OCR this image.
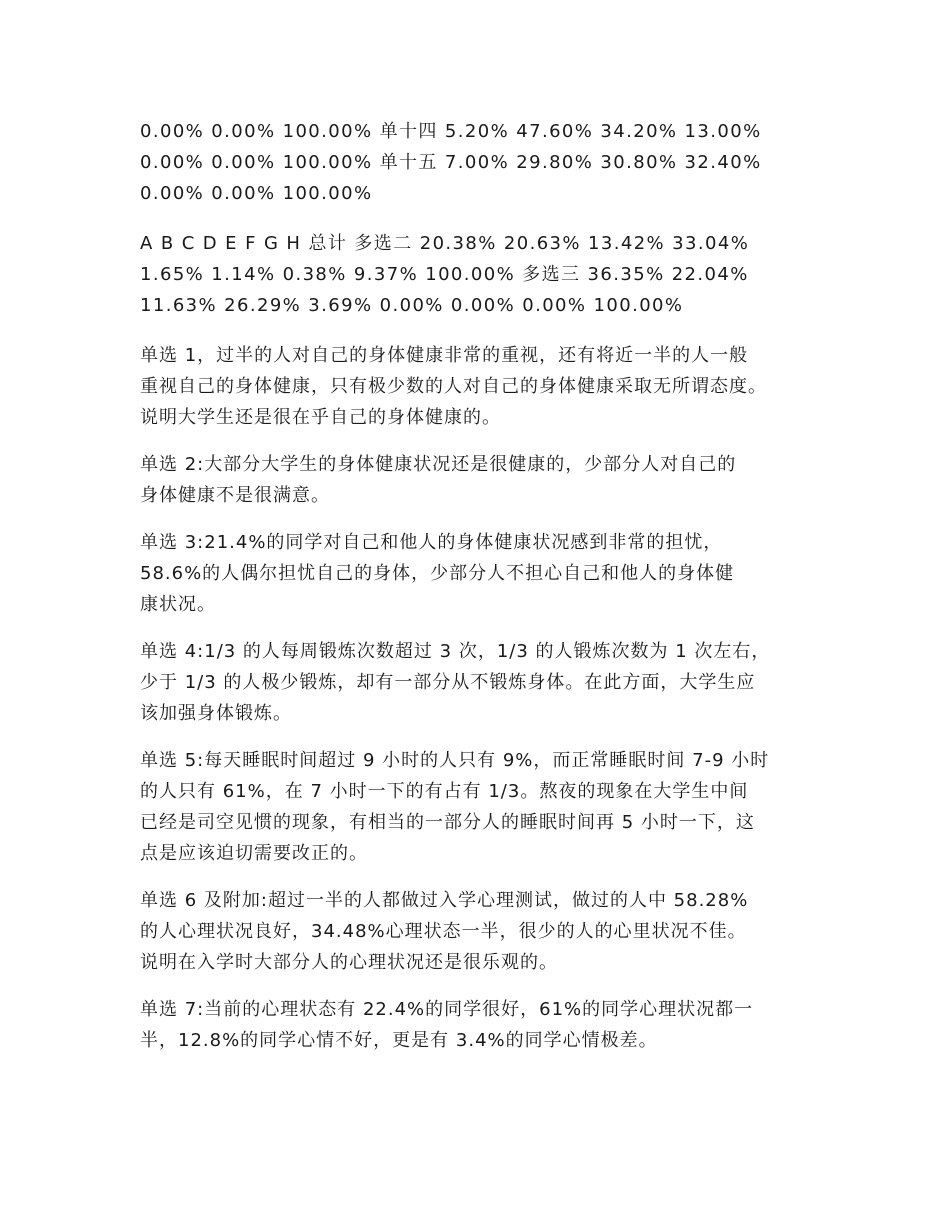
0.00% 0.00% 100.00% 单十四 5.20% 47.60% 34.20% 13.00%
0.00% 0.00% 100.00% 单十五 7.00% 29.80% 30.80% 32.40%
0.00% 0.00% 100.00%

A B C D E F G H 总计 多选二 20.38% 20.63% 13.42% 33.04%
1.65% 1.14% 0.38% 9.37% 100.00% 多选三 36.35% 22.04%
11.63% 26.29% 3.69% 0.00% 0.00% 0.00% 100.00%

单选 1，过半的人对自己的身体健康非常的重视，还有将近一半的人一般
重视自己的身体健康，只有极少数的人对自己的身体健康采取无所谓态度。
说明大学生还是很在乎自己的身体健康的。

单选 2:大部分大学生的身体健康状况还是很健康的，少部分人对自己的
身体健康不是很满意。

单选 3:21.4%的同学对自己和他人的身体健康状况感到非常的担忧，
58.6%的人偶尔担忧自己的身体，少部分人不担心自己和他人的身体健
康状况。

单选 4:1/3 的人每周锻炼次数超过 3 次，1/3 的人锻炼次数为 1 次左右，
少于 1/3 的人极少锻炼，却有一部分从不锻炼身体。在此方面，大学生应
该加强身体锻炼。

单选 5:每天睡眠时间超过 9 小时的人只有 9%，而正常睡眠时间 7-9 小时
的人只有 61%，在 7 小时一下的有占有 1/3。熬夜的现象在大学生中间
已经是司空见惯的现象，有相当的一部分人的睡眠时间再 5 小时一下，这
点是应该迫切需要改正的。

单选 6 及附加:超过一半的人都做过入学心理测试，做过的人中 58.28%
的人心理状况良好，34.48%心理状态一半，很少的人的心里状况不佳。
说明在入学时大部分人的心理状况还是很乐观的。

单选 7:当前的心理状态有 22.4%的同学很好，61%的同学心理状况都一
半，12.8%的同学心情不好，更是有 3.4%的同学心情极差。
